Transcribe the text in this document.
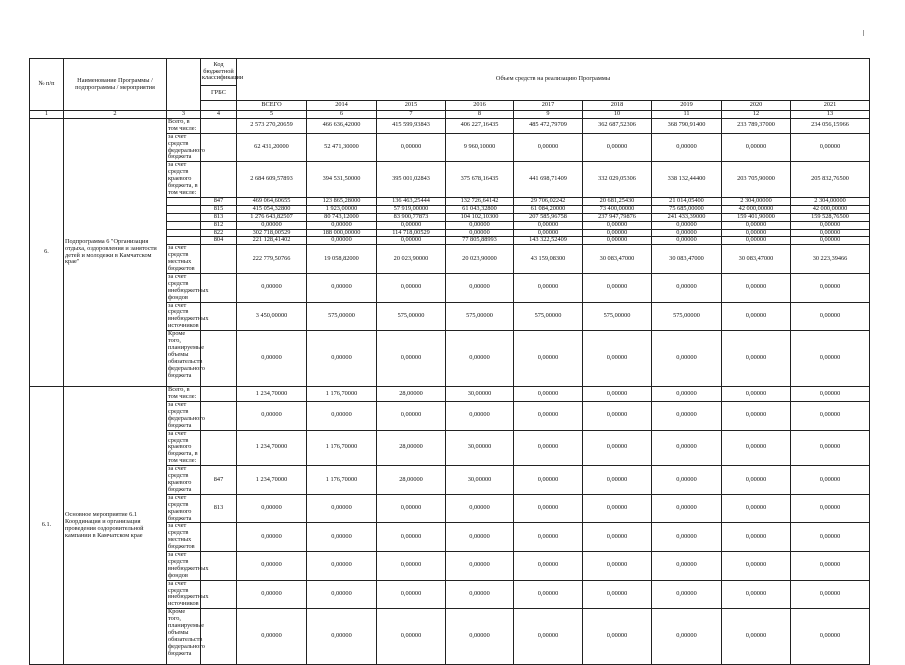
№ п/п	Наименование Программы / подпрограммы / мероприятия		Код бюджетной классификации	Объем средств на реализацию Программы								
			ГРБС									
				ВСЕГО	2014	2015	2016	2017	2018	2019	2020	2021
1	2	3	4	5	6	7	8	9	10	11	12	13
6.	Подпрограмма 6 "Организация отдыха, оздоровления и занятости детей и молодежи в Камчатском крае"	Всего, в том числе:		2 573 270,20659	466 636,42000	415 599,93843	406 227,16435	485 472,79709	362 687,52306	368 790,91400	233 789,37000	234 056,15966
		за счет средств федерального бюджета		62 431,20000	52 471,30000	0,00000	9 960,10000	0,00000	0,00000	0,00000	0,00000	0,00000
		за счет средств краевого бюджета, в том числе:		2 684 609,57893	394 531,50000	395 001,02843	375 678,16435	441 698,71409	332 029,05306	338 132,44400	203 705,90000	205 832,76500
			847	469 064,60655	123 865,28000	136 463,25444	132 726,64142	29 706,02242	20 681,25430	21 014,05400	2 304,00000	2 304,00000
			815	415 054,32800	1 923,00000	57 919,00000	61 043,32800	61 084,20000	73 400,00000	75 685,00000	42 000,00000	42 000,00000
			813	1 276 643,82507	80 743,12000	83 900,77873	104 102,10300	207 585,96758	237 947,79876	241 433,39000	159 401,90000	159 528,76500
			812	0,00000	0,00000	0,00000	0,00000	0,00000	0,00000	0,00000	0,00000	0,00000
			822	302 718,00529	188 000,00000	114 718,00529	0,00000	0,00000	0,00000	0,00000	0,00000	0,00000
			804	221 128,41402	0,00000	0,00000	77 805,88993	143 322,52409	0,00000	0,00000	0,00000	0,00000
		за счет средств местных бюджетов		222 779,50766	19 058,82000	20 023,90000	20 023,90000	43 159,08300	30 083,47000	30 083,47000	30 083,47000	30 223,39466
		за счет средств внебюджетных фондов		0,00000	0,00000	0,00000	0,00000	0,00000	0,00000	0,00000	0,00000	0,00000
		за счет средств внебюджетных источников		3 450,00000	575,00000	575,00000	575,00000	575,00000	575,00000	575,00000	0,00000	0,00000
		Кроме того, планируемые объемы обязательств федерального бюджета		0,00000	0,00000	0,00000	0,00000	0,00000	0,00000	0,00000	0,00000	0,00000
6.1.	Основное мероприятие 6.1 Координация и организация проведения оздоровительной кампании в Камчатском крае	Всего, в том числе:		1 234,70000	1 176,70000	28,00000	30,00000	0,00000	0,00000	0,00000	0,00000	0,00000
		за счет средств федерального бюджета		0,00000	0,00000	0,00000	0,00000	0,00000	0,00000	0,00000	0,00000	0,00000
		за счет средств краевого бюджета, в том числе:		1 234,70000	1 176,70000	28,00000	30,00000	0,00000	0,00000	0,00000	0,00000	0,00000
		за счет средств краевого бюджета	847	1 234,70000	1 176,70000	28,00000	30,00000	0,00000	0,00000	0,00000	0,00000	0,00000
		за счет средств краевого бюджета	813	0,00000	0,00000	0,00000	0,00000	0,00000	0,00000	0,00000	0,00000	0,00000
		за счет средств местных бюджетов		0,00000	0,00000	0,00000	0,00000	0,00000	0,00000	0,00000	0,00000	0,00000
		за счет средств внебюджетных фондов		0,00000	0,00000	0,00000	0,00000	0,00000	0,00000	0,00000	0,00000	0,00000
		за счет средств внебюджетных источников		0,00000	0,00000	0,00000	0,00000	0,00000	0,00000	0,00000	0,00000	0,00000
		Кроме того, планируемые объемы обязательств федерального бюджета		0,00000	0,00000	0,00000	0,00000	0,00000	0,00000	0,00000	0,00000	0,00000
